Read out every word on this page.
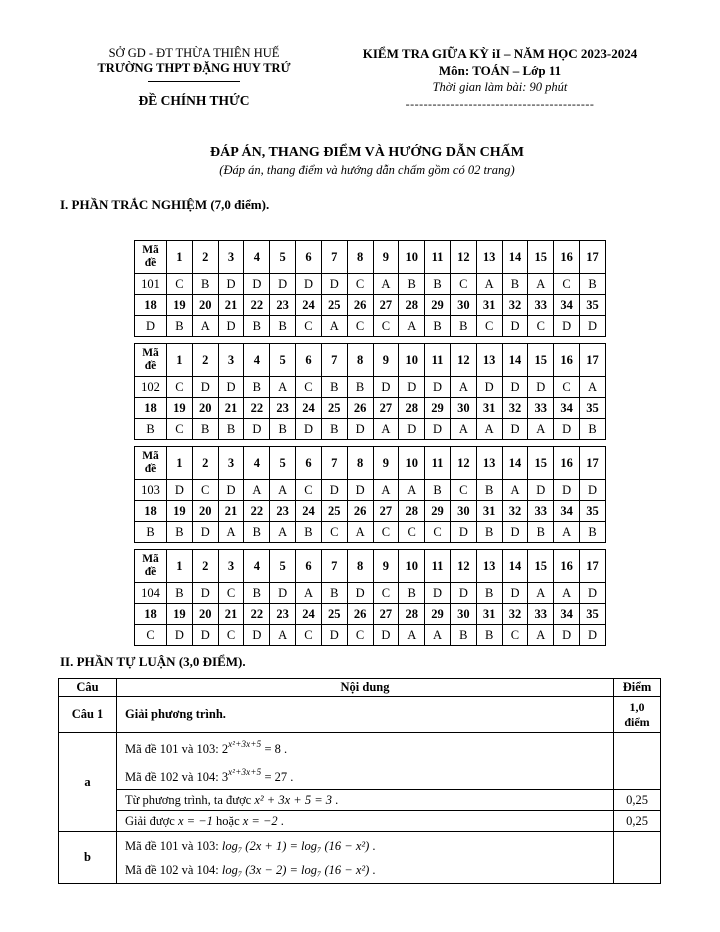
SỞ GD - ĐT THỪA THIÊN HUẾ
TRƯỜNG THPT ĐẶNG HUY TRỨ
ĐỀ CHÍNH THỨC
KIỂM TRA GIỮA KỲ iI – NĂM HỌC 2023-2024
Môn: TOÁN – Lớp 11
Thời gian làm bài: 90 phút
------------------------------------------
ĐÁP ÁN, THANG ĐIỂM VÀ HƯỚNG DẪN CHẤM
(Đáp án, thang điểm và hướng dẫn chấm gồm có 02 trang)
I. PHẦN TRẮC NGHIỆM (7,0 điểm).
Mã đề	1	2	3	4	5	6	7	8	9	10	11	12	13	14	15	16	17
101	C	B	D	D	D	D	D	C	A	B	B	C	A	B	A	C	B
18	19	20	21	22	23	24	25	26	27	28	29	30	31	32	33	34	35
D	B	A	D	B	B	C	A	C	C	A	B	B	C	D	C	D	D
Mã đề	1	2	3	4	5	6	7	8	9	10	11	12	13	14	15	16	17
102	C	D	D	B	A	C	B	B	D	D	D	A	D	D	D	C	A
18	19	20	21	22	23	24	25	26	27	28	29	30	31	32	33	34	35
B	C	B	B	D	B	D	B	D	A	D	D	A	A	D	A	D	B
Mã đề	1	2	3	4	5	6	7	8	9	10	11	12	13	14	15	16	17
103	D	C	D	A	A	C	D	D	A	A	B	C	B	A	D	D	D
18	19	20	21	22	23	24	25	26	27	28	29	30	31	32	33	34	35
B	B	D	A	B	A	B	C	A	C	C	C	D	B	D	B	A	B
Mã đề	1	2	3	4	5	6	7	8	9	10	11	12	13	14	15	16	17
104	B	D	C	B	D	A	B	D	C	B	D	D	B	D	A	A	D
18	19	20	21	22	23	24	25	26	27	28	29	30	31	32	33	34	35
C	D	D	C	D	A	C	D	C	D	A	A	B	B	C	A	D	D
II. PHẦN TỰ LUẬN (3,0 ĐIỂM).
Câu	Nội dung	Điểm
Câu 1	Giải phương trình.	1,0
điểm

a	Mã đề 101 và 103: $2^{x^2+3x+5} = 8$ .
Mã đề 102 và 104: $3^{x^2+3x+5} = 27$ .	

	Từ phương trình, ta được x² + 3x + 5 = 3 .	0,25
	Giải được x = −1 hoặc x = −2 .	0,25
b	Mã đề 101 và 103: log₇ (2x + 1) = log₇ (16 − x²) .
Mã đề 102 và 104: log₇ (3x − 2) = log₇ (16 − x²) .	
